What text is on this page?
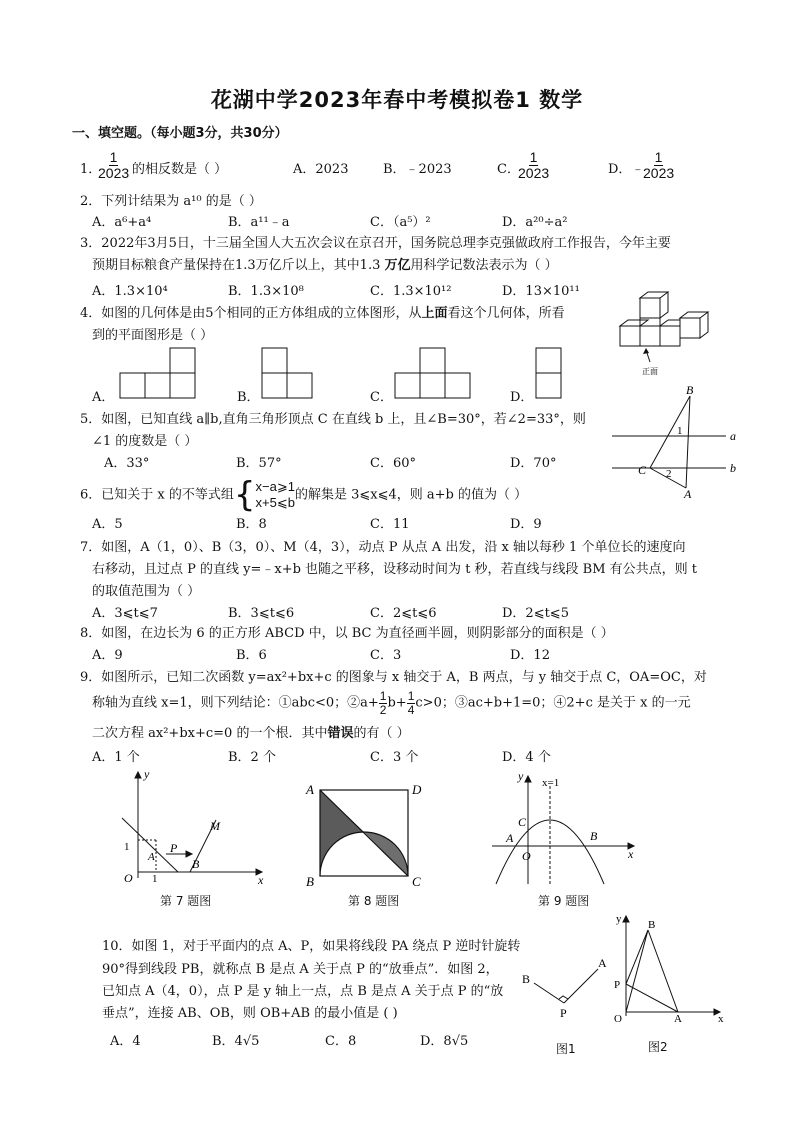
花湖中学2023年春中考模拟卷1 数学
一、填空题。（每小题3分，共30分）
1．
$\frac{1}{2023}$ 的相反数是（ ）	A．2023	B．﹣2023	C．
$\frac{1}{2023}$	D．﹣
$\frac{1}{2023}$
2．下列计结果为 a¹⁰ 的是（ ）
A．a⁶+a⁴	B．a¹¹﹣a	C．（a⁵）²	D．a²⁰÷a²
3．2022年3月5日，十三届全国人大五次会议在京召开，国务院总理李克强做政府工作报告，今年主要
预期目标粮食产量保持在1.3万亿斤以上，其中1.3 万亿用科学记数法表示为（ ）
A．1.3×10⁴	B．1.3×10⁸	C．1.3×10¹²	D．13×10¹¹
4．如图的几何体是由5个相同的正方体组成的立体图形，从上面看这个几何体，所看
到的平面图形是（ ）
正面
A．	B．	C．	D．
5．如图，已知直线 a∥b,直角三角形顶点 C 在直线 b 上，且∠B=30°，若∠2=33°，则
∠1 的度数是（ ）
A．33°	B．57°	C．60°	D．70°
B
a
b
C
A
1
2
6．已知关于 x 的不等式组{ x−a⩾1
x+5⩽b 的解集是 3⩽x⩽4，则 a+b 的值为（ ）
A．5	B．8	C．11	D．9
7．如图，A（1，0）、B（3，0）、M（4，3），动点 P 从点 A 出发，沿 x 轴以每秒 1 个单位长的速度向
右移动，且过点 P 的直线 y=﹣x+b 也随之平移，设移动时间为 t 秒，若直线与线段 BM 有公共点，则 t
的取值范围为（ ）
A．3⩽t⩽7	B．3⩽t⩽6	C．2⩽t⩽6	D．2⩽t⩽5
8．如图，在边长为 6 的正方形 ABCD 中，以 BC 为直径画半圆，则阴影部分的面积是（ ）
A．9	B．6	C．3	D．12
9．如图所示，已知二次函数 y=ax²+bx+c 的图象与 x 轴交于 A，B 两点，与 y 轴交于点 C，OA=OC，对
称轴为直线 x=1，则下列结论：①abc<0；②a+ $\frac{1}{2} b+ \frac{1}{4} c>0$；③ac+b+1=0；④2+c 是关于 x 的一元
二次方程 ax²+bx+c=0 的一个根．其中错误的有（ ）
A．1 个	B．2 个	C．3 个	D．4 个
y
M
1
A
P
B
O 1	x
第 7 题图
A	D
B	C
第 8 题图
x=1
y
C
A	B
O	x
第 9 题图
10．如图 1，对于平面内的点 A、P，如果将线段 PA 绕点 P 逆时针旋转
90°得到线段 PB，就称点 B 是点 A 关于点 P 的“放垂点”．如图 2，
已知点 A（4，0），点 P 是 y 轴上一点，点 B 是点 A 关于点 P 的“放
垂点”，连接 AB、OB，则 OB+AB 的最小值是 ( )
A．4	B．4√5	C．8	D．8√5
B
A
P
图1
y B
P
O	A	x
图2
